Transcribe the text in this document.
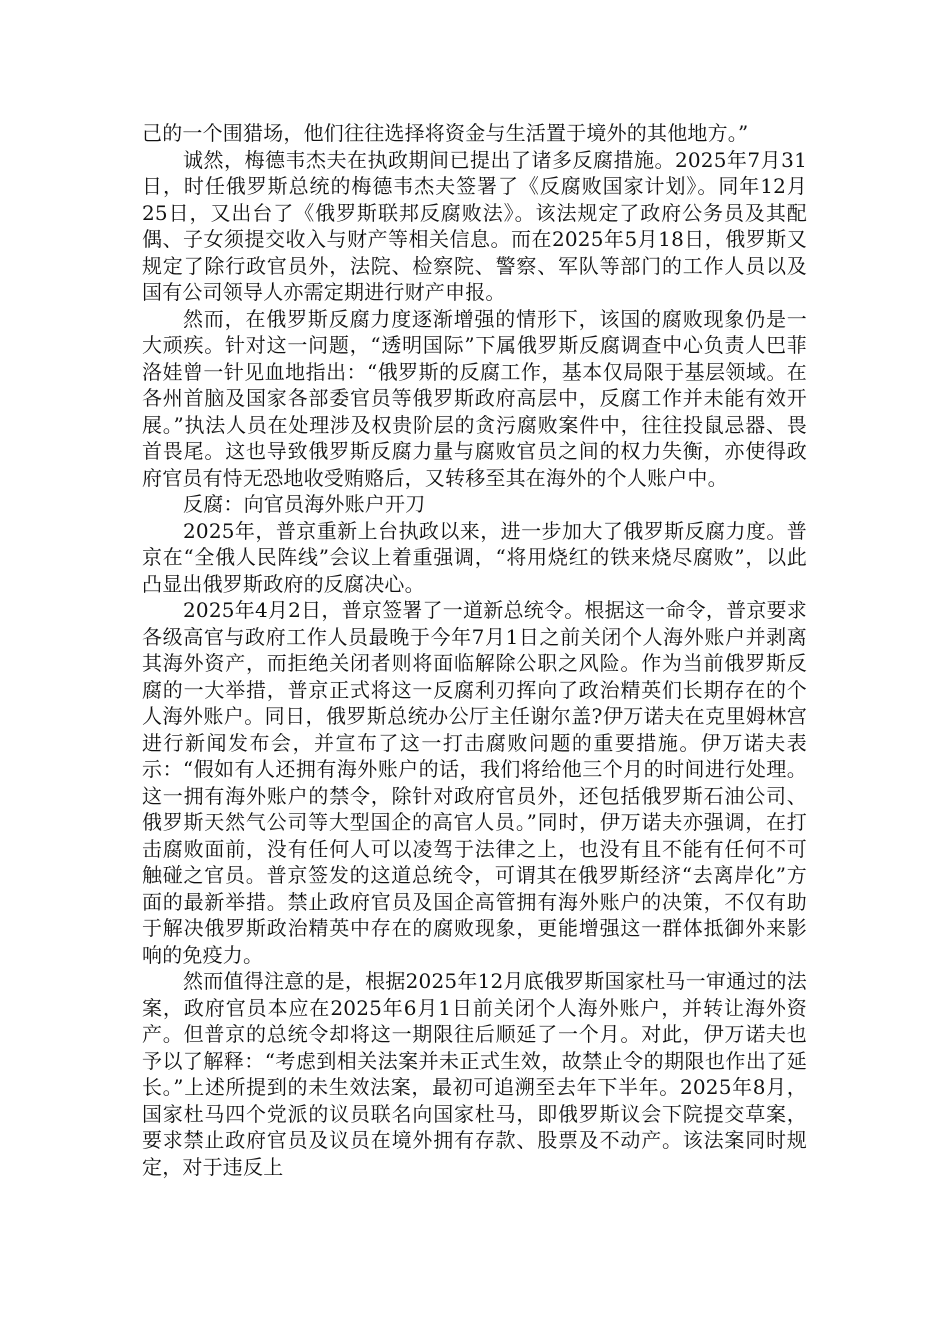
己的一个围猎场，他们往往选择将资金与生活置于境外的其他地方。”

诚然，梅德韦杰夫在执政期间已提出了诸多反腐措施。2025年7月31日，时任俄罗斯总统的梅德韦杰夫签署了《反腐败国家计划》。同年12月25日，又出台了《俄罗斯联邦反腐败法》。该法规定了政府公务员及其配偶、子女须提交收入与财产等相关信息。而在2025年5月18日，俄罗斯又规定了除行政官员外，法院、检察院、警察、军队等部门的工作人员以及国有公司领导人亦需定期进行财产申报。

然而，在俄罗斯反腐力度逐渐增强的情形下，该国的腐败现象仍是一大顽疾。针对这一问题，“透明国际”下属俄罗斯反腐调查中心负责人巴菲洛娃曾一针见血地指出：“俄罗斯的反腐工作，基本仅局限于基层领域。在各州首脑及国家各部委官员等俄罗斯政府高层中，反腐工作并未能有效开展。”执法人员在处理涉及权贵阶层的贪污腐败案件中，往往投鼠忌器、畏首畏尾。这也导致俄罗斯反腐力量与腐败官员之间的权力失衡，亦使得政府官员有恃无恐地收受贿赂后，又转移至其在海外的个人账户中。

反腐：向官员海外账户开刀

2025年，普京重新上台执政以来，进一步加大了俄罗斯反腐力度。普京在“全俄人民阵线”会议上着重强调，“将用烧红的铁来烧尽腐败”，以此凸显出俄罗斯政府的反腐决心。

2025年4月2日，普京签署了一道新总统令。根据这一命令，普京要求各级高官与政府工作人员最晚于今年7月1日之前关闭个人海外账户并剥离其海外资产，而拒绝关闭者则将面临解除公职之风险。作为当前俄罗斯反腐的一大举措，普京正式将这一反腐利刃挥向了政治精英们长期存在的个人海外账户。同日，俄罗斯总统办公厅主任谢尔盖?伊万诺夫在克里姆林宫进行新闻发布会，并宣布了这一打击腐败问题的重要措施。伊万诺夫表示：“假如有人还拥有海外账户的话，我们将给他三个月的时间进行处理。这一拥有海外账户的禁令，除针对政府官员外，还包括俄罗斯石油公司、俄罗斯天然气公司等大型国企的高官人员。”同时，伊万诺夫亦强调，在打击腐败面前，没有任何人可以凌驾于法律之上，也没有且不能有任何不可触碰之官员。普京签发的这道总统令，可谓其在俄罗斯经济“去离岸化”方面的最新举措。禁止政府官员及国企高管拥有海外账户的决策，不仅有助于解决俄罗斯政治精英中存在的腐败现象，更能增强这一群体抵御外来影响的免疫力。

然而值得注意的是，根据2025年12月底俄罗斯国家杜马一审通过的法案，政府官员本应在2025年6月1日前关闭个人海外账户，并转让海外资产。但普京的总统令却将这一期限往后顺延了一个月。对此，伊万诺夫也予以了解释：“考虑到相关法案并未正式生效，故禁止令的期限也作出了延长。”上述所提到的未生效法案，最初可追溯至去年下半年。2025年8月，国家杜马四个党派的议员联名向国家杜马，即俄罗斯议会下院提交草案，要求禁止政府官员及议员在境外拥有存款、股票及不动产。该法案同时规定，对于违反上
